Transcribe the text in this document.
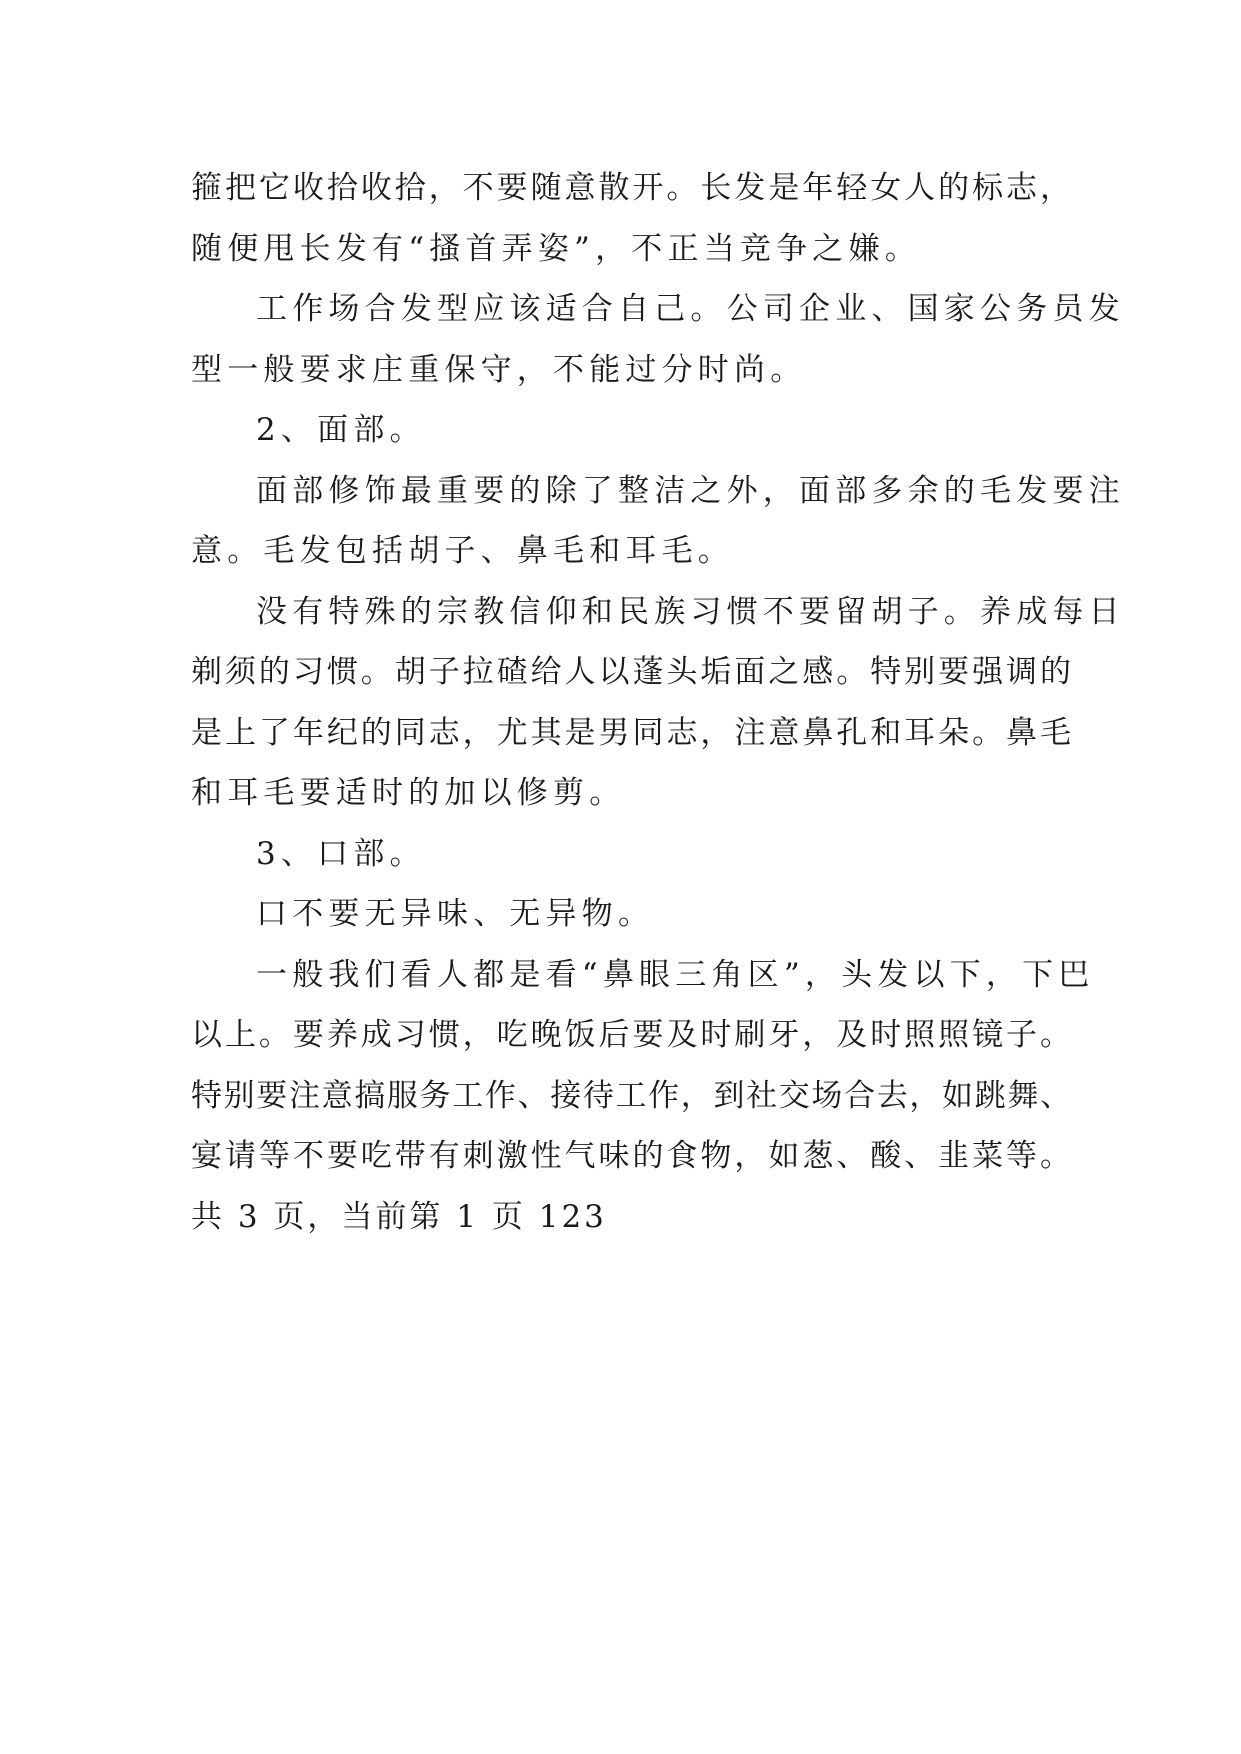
箍把它收拾收拾，不要随意散开。长发是年轻女人的标志，
随便甩长发有“搔首弄姿”，不正当竞争之嫌。
工作场合发型应该适合自己。公司企业、国家公务员发
型一般要求庄重保守，不能过分时尚。
2、面部。
面部修饰最重要的除了整洁之外，面部多余的毛发要注
意。毛发包括胡子、鼻毛和耳毛。
没有特殊的宗教信仰和民族习惯不要留胡子。养成每日
剃须的习惯。胡子拉碴给人以蓬头垢面之感。特别要强调的
是上了年纪的同志，尤其是男同志，注意鼻孔和耳朵。鼻毛
和耳毛要适时的加以修剪。
3、口部。
口不要无异味、无异物。
一般我们看人都是看“鼻眼三角区”，头发以下，下巴
以上。要养成习惯，吃晚饭后要及时刷牙，及时照照镜子。
特别要注意搞服务工作、接待工作，到社交场合去，如跳舞、
宴请等不要吃带有刺激性气味的食物，如葱、酸、韭菜等。
共 3 页，当前第 1 页 123
